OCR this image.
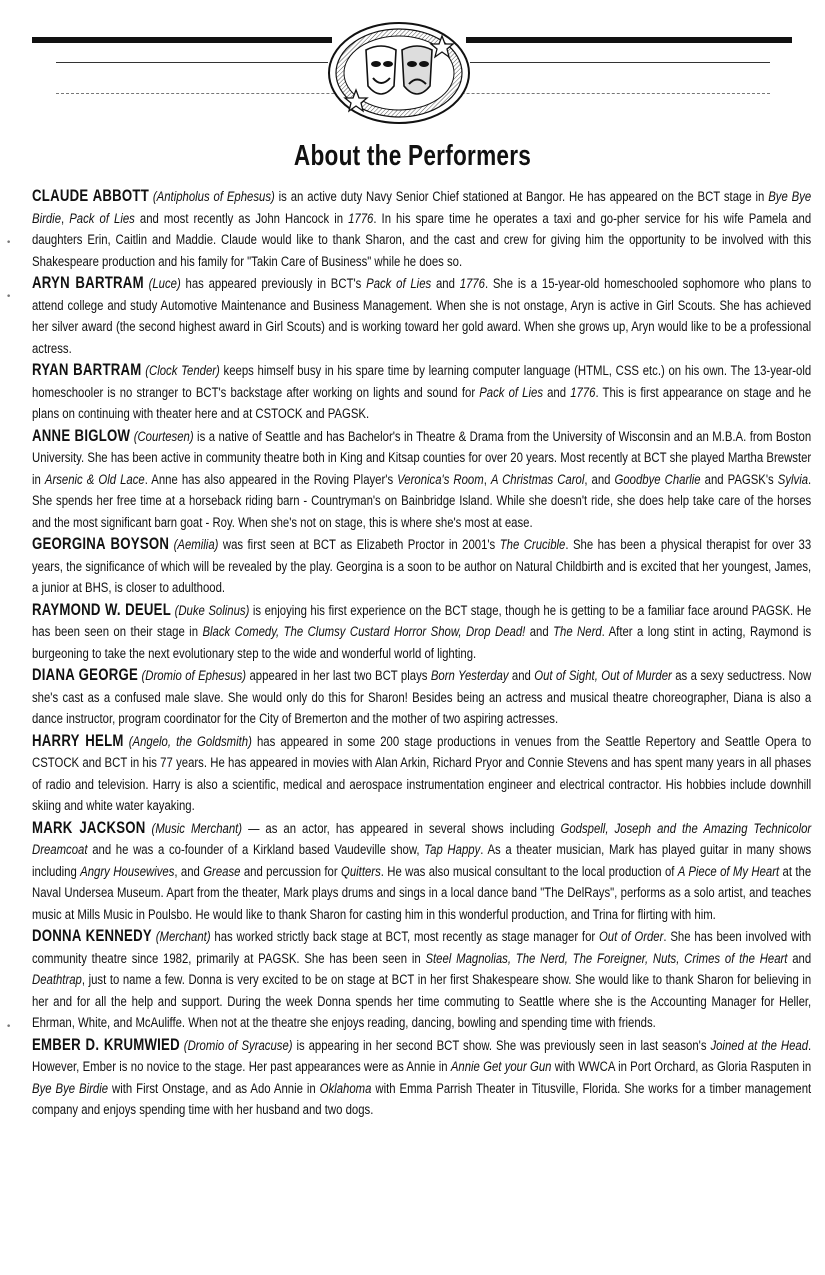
About the Performers
•
•
•

CLAUDE ABBOTT (Antipholus of Ephesus) is an active duty Navy Senior Chief stationed at Bangor. He has appeared on the BCT stage in Bye Bye Birdie, Pack of Lies and most recently as John Hancock in 1776. In his spare time he operates a taxi and go-pher service for his wife Pamela and daughters Erin, Caitlin and Maddie. Claude would like to thank Sharon, and the cast and crew for giving him the opportunity to be involved with this Shakespeare production and his family for "Takin Care of Business" while he does so.

ARYN BARTRAM (Luce) has appeared previously in BCT's Pack of Lies and 1776. She is a 15-year-old homeschooled sophomore who plans to attend college and study Automotive Maintenance and Business Management. When she is not onstage, Aryn is active in Girl Scouts. She has achieved her silver award (the second highest award in Girl Scouts) and is working toward her gold award. When she grows up, Aryn would like to be a professional actress.

RYAN BARTRAM (Clock Tender) keeps himself busy in his spare time by learning computer language (HTML, CSS etc.) on his own. The 13-year-old homeschooler is no stranger to BCT's backstage after working on lights and sound for Pack of Lies and 1776. This is first appearance on stage and he plans on continuing with theater here and at CSTOCK and PAGSK.

ANNE BIGLOW (Courtesen) is a native of Seattle and has Bachelor's in Theatre & Drama from the University of Wisconsin and an M.B.A. from Boston University. She has been active in community theatre both in King and Kitsap counties for over 20 years. Most recently at BCT she played Martha Brewster in Arsenic & Old Lace. Anne has also appeared in the Roving Player's Veronica's Room, A Christmas Carol, and Goodbye Charlie and PAGSK's Sylvia. She spends her free time at a horseback riding barn - Countryman's on Bainbridge Island. While she doesn't ride, she does help take care of the horses and the most significant barn goat - Roy. When she's not on stage, this is where she's most at ease.

GEORGINA BOYSON (Aemilia) was first seen at BCT as Elizabeth Proctor in 2001's The Crucible. She has been a physical therapist for over 33 years, the significance of which will be revealed by the play. Georgina is a soon to be author on Natural Childbirth and is excited that her youngest, James, a junior at BHS, is closer to adulthood.

RAYMOND W. DEUEL (Duke Solinus) is enjoying his first experience on the BCT stage, though he is getting to be a familiar face around PAGSK. He has been seen on their stage in Black Comedy, The Clumsy Custard Horror Show, Drop Dead! and The Nerd. After a long stint in acting, Raymond is burgeoning to take the next evolutionary step to the wide and wonderful world of lighting.

DIANA GEORGE (Dromio of Ephesus) appeared in her last two BCT plays Born Yesterday and Out of Sight, Out of Murder as a sexy seductress. Now she's cast as a confused male slave. She would only do this for Sharon! Besides being an actress and musical theatre choreographer, Diana is also a dance instructor, program coordinator for the City of Bremerton and the mother of two aspiring actresses.

HARRY HELM (Angelo, the Goldsmith) has appeared in some 200 stage productions in venues from the Seattle Repertory and Seattle Opera to CSTOCK and BCT in his 77 years. He has appeared in movies with Alan Arkin, Richard Pryor and Connie Stevens and has spent many years in all phases of radio and television. Harry is also a scientific, medical and aerospace instrumentation engineer and electrical contractor. His hobbies include downhill skiing and white water kayaking.

MARK JACKSON (Music Merchant) — as an actor, has appeared in several shows including Godspell, Joseph and the Amazing Technicolor Dreamcoat and he was a co-founder of a Kirkland based Vaudeville show, Tap Happy. As a theater musician, Mark has played guitar in many shows including Angry Housewives, and Grease and percussion for Quitters. He was also musical consultant to the local production of A Piece of My Heart at the Naval Undersea Museum. Apart from the theater, Mark plays drums and sings in a local dance band "The DelRays", performs as a solo artist, and teaches music at Mills Music in Poulsbo. He would like to thank Sharon for casting him in this wonderful production, and Trina for flirting with him.

DONNA KENNEDY (Merchant) has worked strictly back stage at BCT, most recently as stage manager for Out of Order. She has been involved with community theatre since 1982, primarily at PAGSK. She has been seen in Steel Magnolias, The Nerd, The Foreigner, Nuts, Crimes of the Heart and Deathtrap, just to name a few. Donna is very excited to be on stage at BCT in her first Shakespeare show. She would like to thank Sharon for believing in her and for all the help and support. During the week Donna spends her time commuting to Seattle where she is the Accounting Manager for Heller, Ehrman, White, and McAuliffe. When not at the theatre she enjoys reading, dancing, bowling and spending time with friends.

EMBER D. KRUMWIED (Dromio of Syracuse) is appearing in her second BCT show. She was previously seen in last season's Joined at the Head. However, Ember is no novice to the stage. Her past appearances were as Annie in Annie Get your Gun with WWCA in Port Orchard, as Gloria Rasputen in Bye Bye Birdie with First Onstage, and as Ado Annie in Oklahoma with Emma Parrish Theater in Titusville, Florida. She works for a timber management company and enjoys spending time with her husband and two dogs.
